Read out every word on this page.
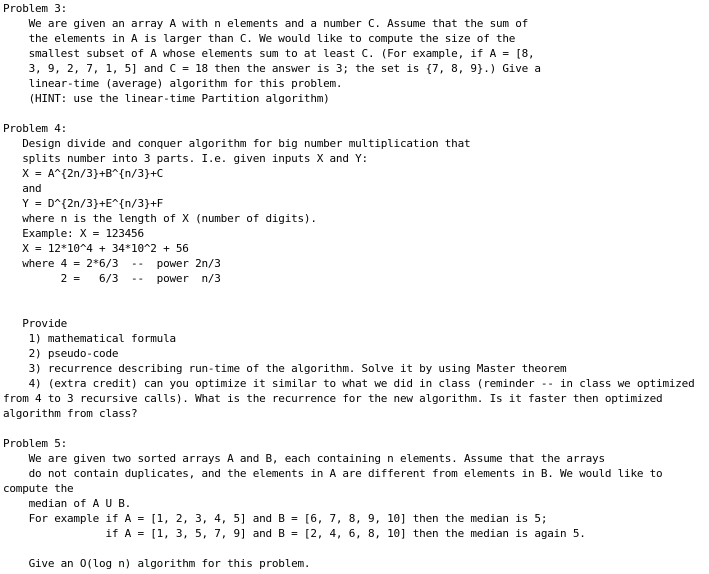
Problem 3:
We are given an array A with n elements and a number C. Assume that the sum of
the elements in A is larger than C. We would like to compute the size of the
smallest subset of A whose elements sum to at least C. (For example, if A = [8,
3, 9, 2, 7, 1, 5] and C = 18 then the answer is 3; the set is {7, 8, 9}.) Give a
linear-time (average) algorithm for this problem.
(HINT: use the linear-time Partition algorithm)
Problem 4:
Design divide and conquer algorithm for big number multiplication that
splits number into 3 parts. I.e. given inputs X and Y:
X = A^{2n/3}+B^{n/3}+C
and
Y = D^{2n/3}+E^{n/3}+F
where n is the length of X (number of digits).
Example: X = 123456
X = 12*10^4 + 34*10^2 + 56
where 4 = 2*6/3  --  power 2n/3
2 =   6/3  --  power  n/3
Provide
1) mathematical formula
2) pseudo-code
3) recurrence describing run-time of the algorithm. Solve it by using Master theorem
4) (extra credit) can you optimize it similar to what we did in class (reminder -- in class we optimized
from 4 to 3 recursive calls). What is the recurrence for the new algorithm. Is it faster then optimized
algorithm from class?
Problem 5:
We are given two sorted arrays A and B, each containing n elements. Assume that the arrays
do not contain duplicates, and the elements in A are different from elements in B. We would like to
compute the
median of A U B.
For example if A = [1, 2, 3, 4, 5] and B = [6, 7, 8, 9, 10] then the median is 5;
if A = [1, 3, 5, 7, 9] and B = [2, 4, 6, 8, 10] then the median is again 5.
Give an O(log n) algorithm for this problem.
